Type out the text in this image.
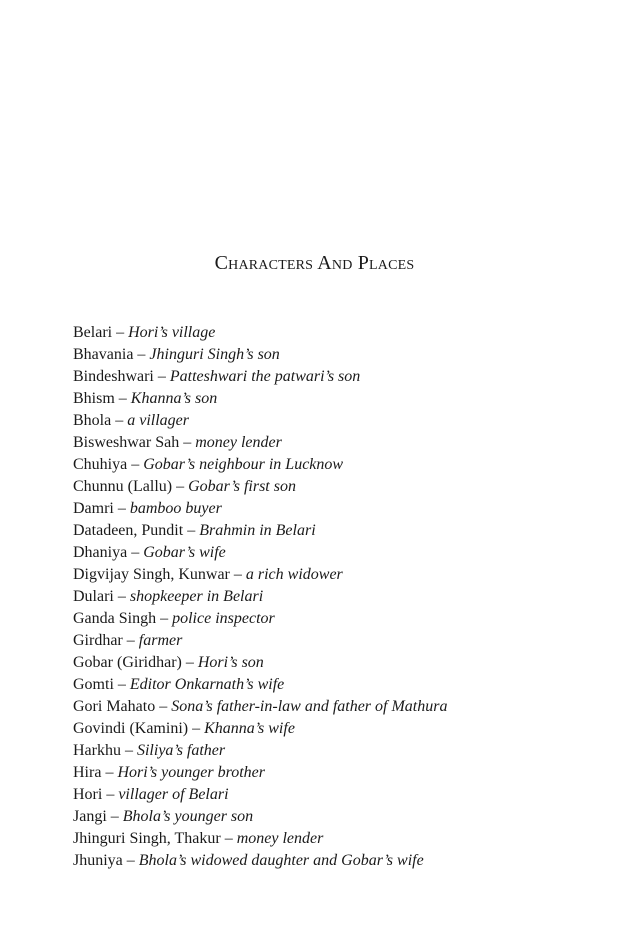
Characters And Places
Belari – Hori’s village
Bhavania – Jhinguri Singh’s son
Bindeshwari – Patteshwari the patwari’s son
Bhism – Khanna’s son
Bhola – a villager
Bisweshwar Sah – money lender
Chuhiya – Gobar’s neighbour in Lucknow
Chunnu (Lallu) – Gobar’s first son
Damri – bamboo buyer
Datadeen, Pundit – Brahmin in Belari
Dhaniya – Gobar’s wife
Digvijay Singh, Kunwar – a rich widower
Dulari – shopkeeper in Belari
Ganda Singh – police inspector
Girdhar – farmer
Gobar (Giridhar) – Hori’s son
Gomti – Editor Onkarnath’s wife
Gori Mahato – Sona’s father-in-law and father of Mathura
Govindi (Kamini) – Khanna’s wife
Harkhu – Siliya’s father
Hira – Hori’s younger brother
Hori – villager of Belari
Jangi – Bhola’s younger son
Jhinguri Singh, Thakur – money lender
Jhuniya – Bhola’s widowed daughter and Gobar’s wife
